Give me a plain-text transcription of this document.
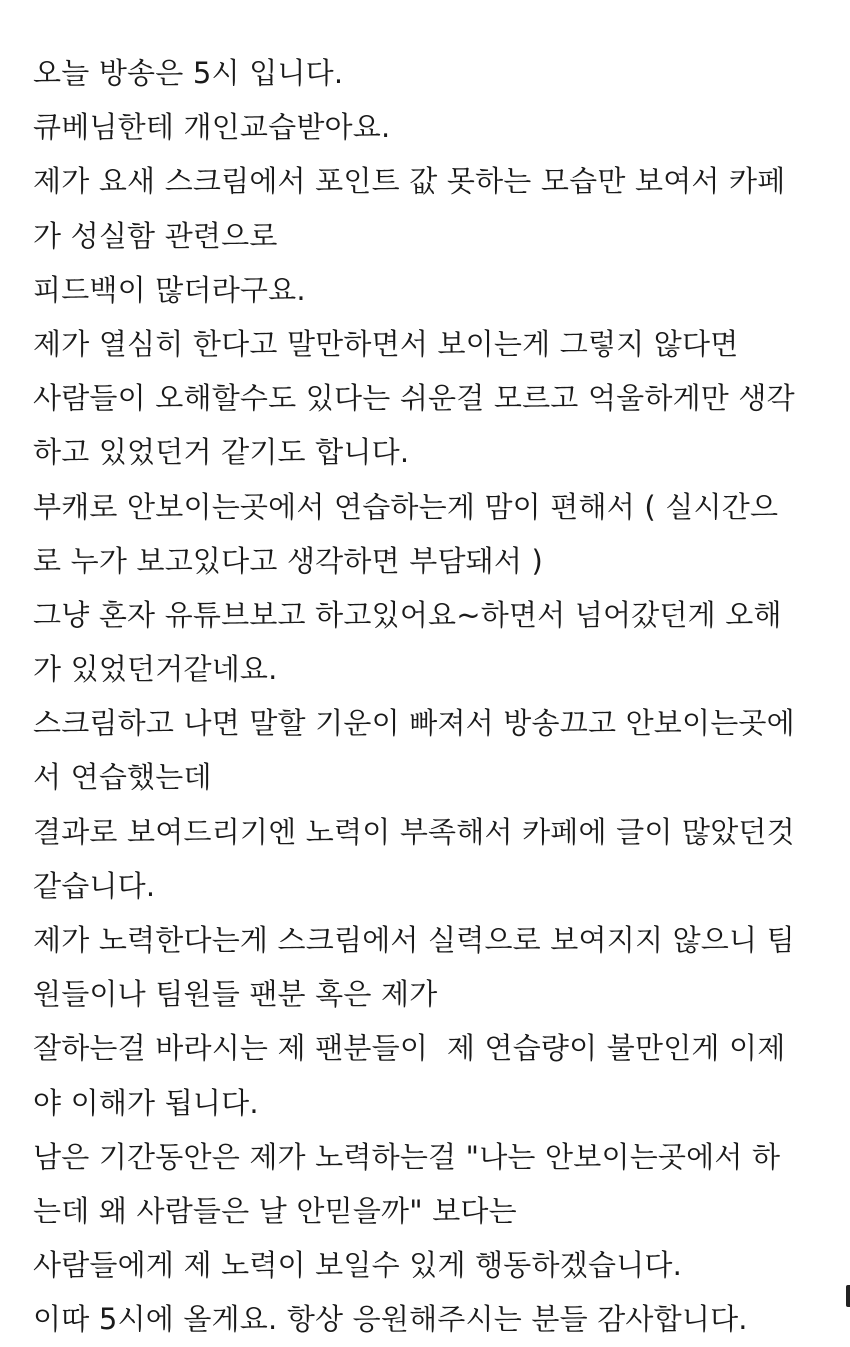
오늘 방송은 5시 입니다.
큐베님한테 개인교습받아요.
제가 요새 스크림에서 포인트 값 못하는 모습만 보여서 카페
가 성실함 관련으로
피드백이 많더라구요.
제가 열심히 한다고 말만하면서 보이는게 그렇지 않다면
사람들이 오해할수도 있다는 쉬운걸 모르고 억울하게만 생각
하고 있었던거 같기도 합니다.
부캐로 안보이는곳에서 연습하는게 맘이 편해서 ( 실시간으
로 누가 보고있다고 생각하면 부담돼서 )
그냥 혼자 유튜브보고 하고있어요~하면서 넘어갔던게 오해
가 있었던거같네요.
스크림하고 나면 말할 기운이 빠져서 방송끄고 안보이는곳에
서 연습했는데
결과로 보여드리기엔 노력이 부족해서 카페에 글이 많았던것
같습니다.
제가 노력한다는게 스크림에서 실력으로 보여지지 않으니 팀
원들이나 팀원들 팬분 혹은 제가
잘하는걸 바라시는 제 팬분들이  제 연습량이 불만인게 이제
야 이해가 됩니다.
남은 기간동안은 제가 노력하는걸 "나는 안보이는곳에서 하
는데 왜 사람들은 날 안믿을까" 보다는
사람들에게 제 노력이 보일수 있게 행동하겠습니다.
이따 5시에 올게요. 항상 응원해주시는 분들 감사합니다.
